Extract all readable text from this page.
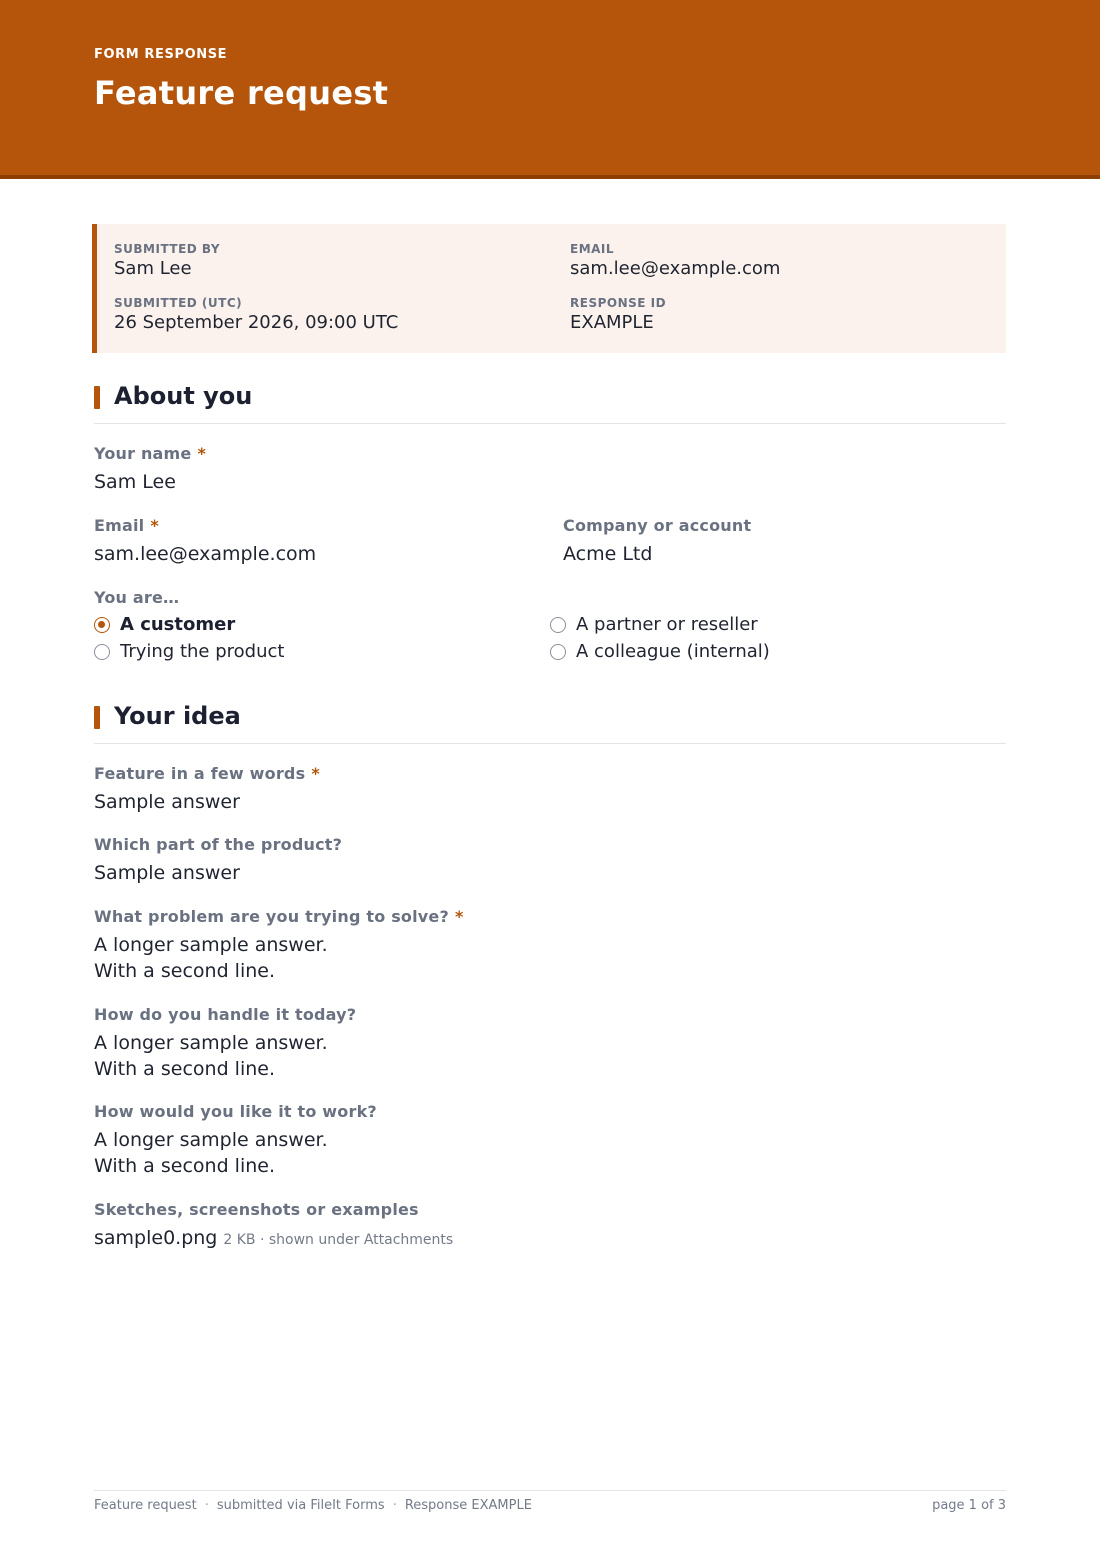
FORM RESPONSE
Feature request
SUBMITTED BY
Sam Lee
EMAIL
sam.lee@example.com
SUBMITTED (UTC)
26 September 2026, 09:00 UTC
RESPONSE ID
EXAMPLE
About you
Your name *
Sam Lee
Email *
sam.lee@example.com
Company or account
Acme Ltd
You are…
A customer	A partner or reseller
Trying the product	A colleague (internal)
Your idea
Feature in a few words *
Sample answer
Which part of the product?
Sample answer
What problem are you trying to solve? *
A longer sample answer.
With a second line.
How do you handle it today?
A longer sample answer.
With a second line.
How would you like it to work?
A longer sample answer.
With a second line.
Sketches, screenshots or examples
sample0.png 2 KB · shown under Attachments
Feature request · submitted via FileIt Forms · Response EXAMPLE	page 1 of 3
